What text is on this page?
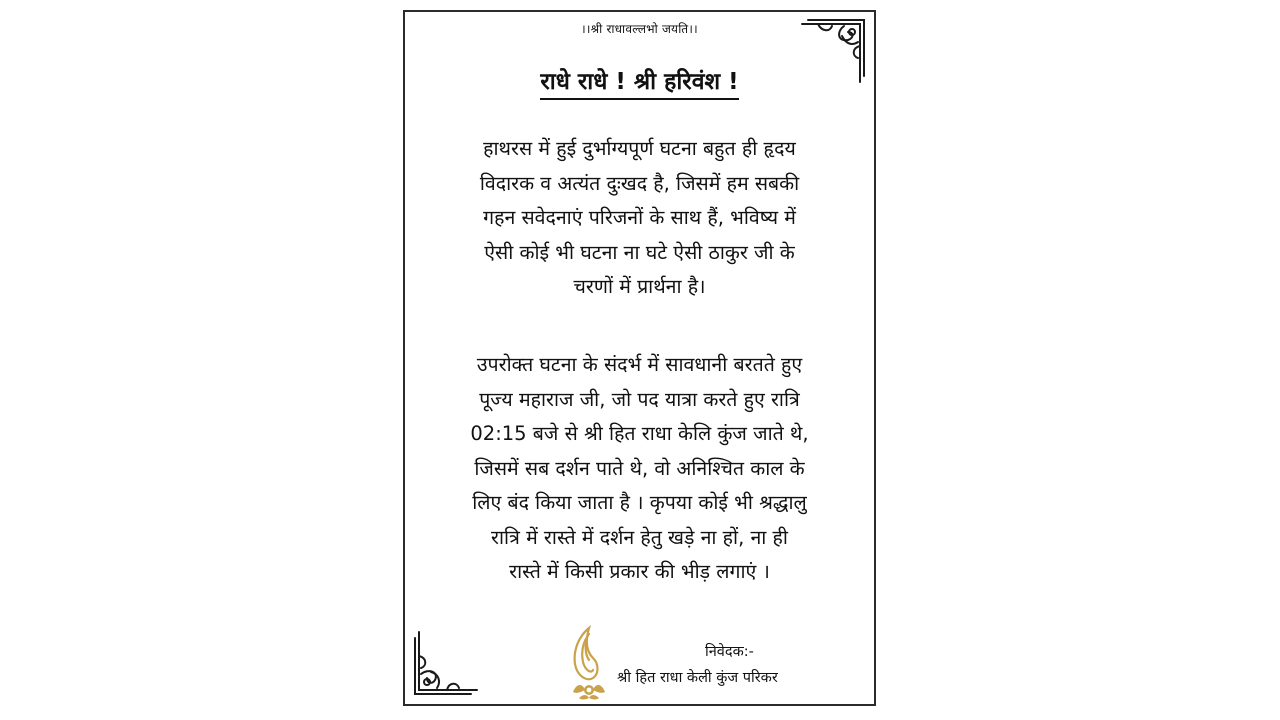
।।श्री राधावल्लभो जयति।।
राधे राधे ! श्री हरिवंश !
हाथरस में हुई दुर्भाग्यपूर्ण घटना बहुत ही हृदय
विदारक व अत्यंत दुःखद है, जिसमें हम सबकी
गहन सवेदनाएं परिजनों के साथ हैं, भविष्य में
ऐसी कोई भी घटना ना घटे ऐसी ठाकुर जी के
चरणों में प्रार्थना है।
उपरोक्त घटना के संदर्भ में सावधानी बरतते हुए
पूज्य महाराज जी, जो पद यात्रा करते हुए रात्रि
02:15 बजे से श्री हित राधा केलि कुंज जाते थे,
जिसमें सब दर्शन पाते थे, वो अनिश्चित काल के
लिए बंद किया जाता है । कृपया कोई भी श्रद्धालु
रात्रि में रास्ते में दर्शन हेतु खड़े ना हों, ना ही
रास्ते में किसी प्रकार की भीड़ लगाएं ।
निवेदक:-
श्री हित राधा केली कुंज परिकर
